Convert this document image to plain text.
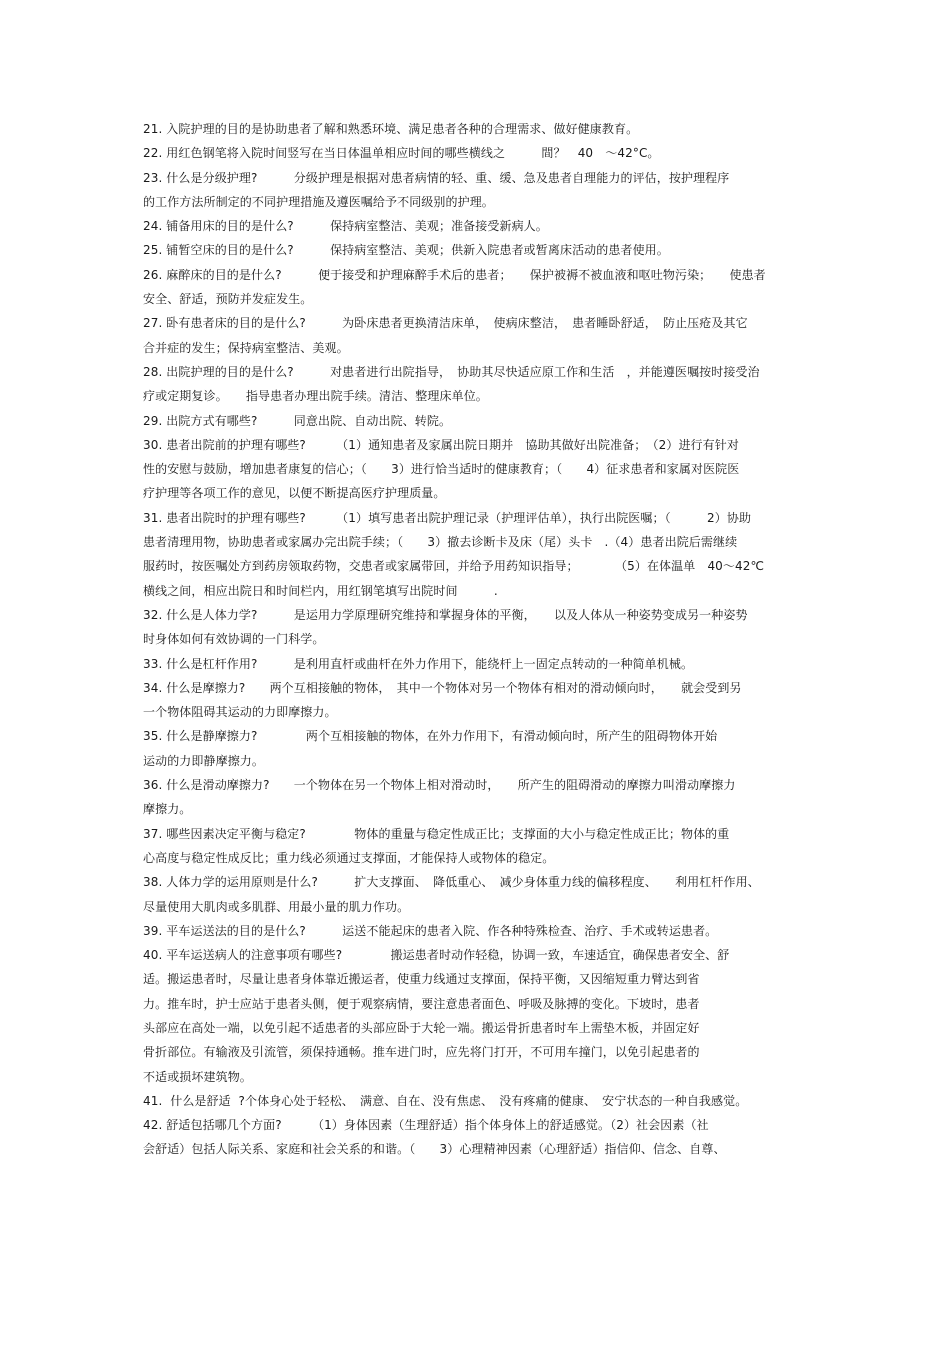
21. 入院护理的目的是协助患者了解和熟悉环境、满足患者各种的合理需求、做好健康教育。
22. 用红色钢笔将入院时间竖写在当日体温单相应时间的哪些横线之　　　間？　40　～42°C。
23. 什么是分级护理?　　　分级护理是根据对患者病情的轻、重、缓、急及患者自理能力的评估，按护理程序
的工作方法所制定的不同护理措施及遵医嘱给予不同级别的护理。
24. 铺备用床的目的是什么?　　　保持病室整洁、美观；准备接受新病人。
25. 铺暂空床的目的是什么?　　　保持病室整洁、美观；供新入院患者或暂离床活动的患者使用。
26. 麻醉床的目的是什么?　　　便于接受和护理麻醉手术后的患者；　　保护被褥不被血液和呕吐物污染；　　使患者
安全、舒适，预防并发症发生。
27. 卧有患者床的目的是什么?　　　为卧床患者更换清洁床单，　使病床整洁，　患者睡卧舒适，　防止压疮及其它
合并症的发生；保持病室整洁、美观。
28. 出院护理的目的是什么?　　　对患者进行出院指导，　协助其尽快适应原工作和生活　，并能遵医嘱按时接受治
疗或定期复诊。　　指导患者办理出院手续。清洁、整理床单位。
29. 出院方式有哪些?　　　同意出院、自动出院、转院。
30. 患者出院前的护理有哪些?　　　（1）通知患者及家属出院日期并　協助其做好出院准备；　（2）进行有针对
性的安慰与鼓励，增加患者康复的信心；（　　3）进行恰当适时的健康教育；（　　4）征求患者和家属对医院医
疗护理等各项工作的意见，以便不断提高医疗护理质量。
31. 患者出院时的护理有哪些?　　　（1）填写患者出院护理记录（护理评估单），执行出院医嘱；（　　　2）协助
患者清理用物，协助患者或家属办完出院手续；（　　3）撤去诊断卡及床（尾）头卡　.（4）患者出院后需继续
服药时，按医嘱处方到药房领取药物，交患者或家属带回，并给予用药知识指导；　　　　（5）在体温单　40～42℃
横线之间，相应出院日和时间栏内，用红钢笔填写出院时间　　　.
32. 什么是人体力学?　　　是运用力学原理研究维持和掌握身体的平衡，　　以及人体从一种姿势变成另一种姿势
时身体如何有效协调的一门科学。
33. 什么是杠杆作用?　　　是利用直杆或曲杆在外力作用下，能绕杆上一固定点转动的一种简单机械。
34. 什么是摩擦力?　　两个互相接触的物体，　其中一个物体对另一个物体有相对的滑动倾向时，　　就会受到另
一个物体阻碍其运动的力即摩擦力。
35. 什么是静摩擦力?　　　　两个互相接触的物体，在外力作用下，有滑动倾向时，所产生的阻碍物体开始
运动的力即静摩擦力。
36. 什么是滑动摩擦力?　　一个物体在另一个物体上相对滑动时，　　所产生的阻碍滑动的摩擦力叫滑动摩擦力
摩擦力。
37. 哪些因素决定平衡与稳定?　　　　物体的重量与稳定性成正比；支撑面的大小与稳定性成正比；物体的重
心高度与稳定性成反比；重力线必须通过支撑面，才能保持人或物体的稳定。
38. 人体力学的运用原则是什么?　　　扩大支撑面、　降低重心、　减少身体重力线的偏移程度、　　利用杠杆作用、
尽量使用大肌肉或多肌群、用最小量的肌力作功。
39. 平车运送法的目的是什么?　　　运送不能起床的患者入院、作各种特殊检查、治疗、手术或转运患者。
40. 平车运送病人的注意事项有哪些?　　　　搬运患者时动作轻稳，协调一致，车速适宜，确保患者安全、舒
适。搬运患者时，尽量让患者身体靠近搬运者，使重力线通过支撑面，保持平衡，又因缩短重力臂达到省
力。推车时，护士应站于患者头侧，便于观察病情，要注意患者面色、呼吸及脉搏的变化。下坡时，患者
头部应在高处一端，以免引起不适患者的头部应卧于大轮一端。搬运骨折患者时车上需垫木板，并固定好
骨折部位。有输液及引流管，须保持通畅。推车进门时，应先将门打开，不可用车撞门，以免引起患者的
不适或损坏建筑物。
41.  什么是舒适  ?个体身心处于轻松、　满意、自在、没有焦虑、　没有疼痛的健康、　安宁状态的一种自我感觉。
42. 舒适包括哪几个方面?　　　（1）身体因素（生理舒适）指个体身体上的舒适感觉。（2）社会因素（社
会舒适）包括人际关系、家庭和社会关系的和谐。（　　3）心理精神因素（心理舒适）指信仰、信念、自尊、
